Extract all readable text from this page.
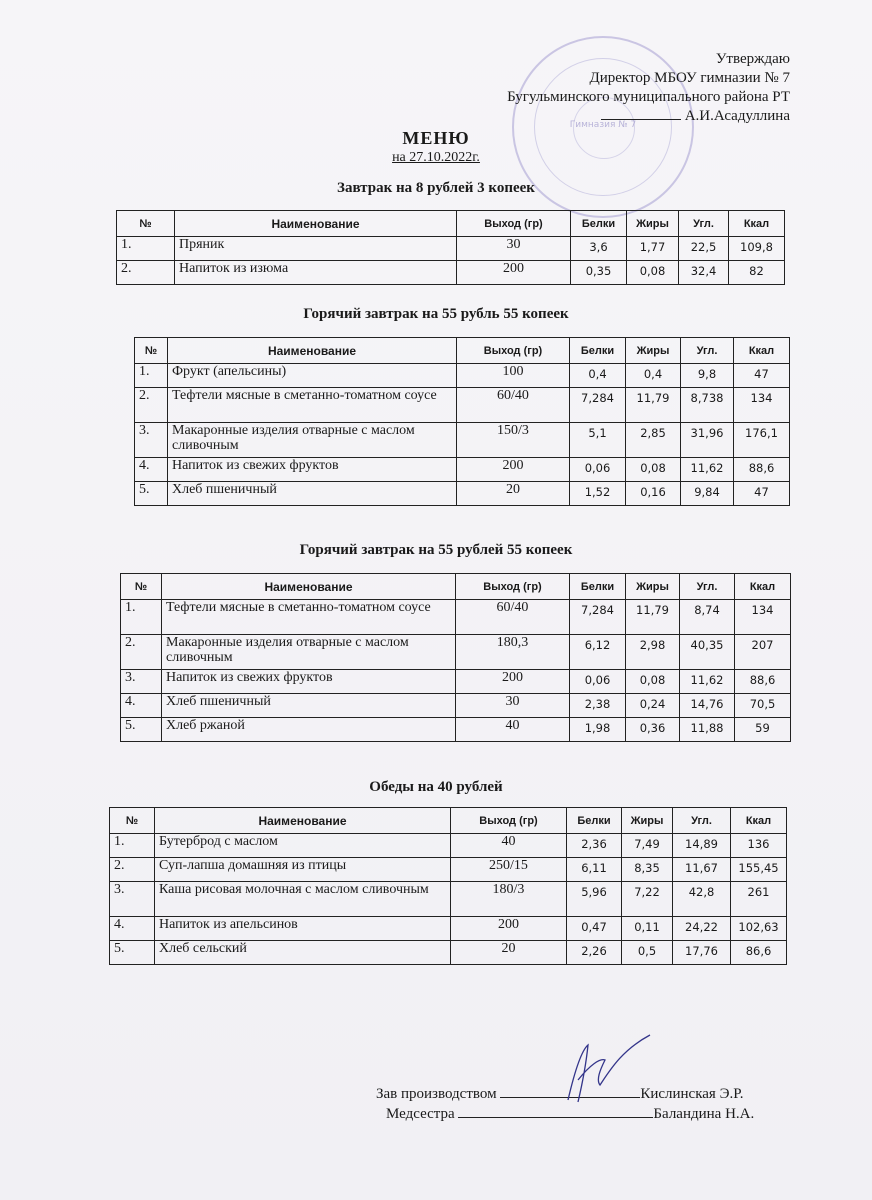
Гимназия № 7
Утверждаю
Директор МБОУ гимназии № 7
Бугульминского муниципального района РТ
А.И.Асадуллина
МЕНЮ
на 27.10.2022г.
Завтрак на 8 рублей 3 копеек
№	Наименование	Выход (гр)	Белки	Жиры	Угл.	Ккал
1.	Пряник	30	3,6	1,77	22,5	109,8
2.	Напиток из изюма	200	0,35	0,08	32,4	82
Горячий завтрак на 55 рубль 55 копеек
№	Наименование	Выход (гр)	Белки	Жиры	Угл.	Ккал
1.	Фрукт (апельсины)	100	0,4	0,4	9,8	47
2.	Тефтели мясные в сметанно-томатном соусе	60/40	7,284	11,79	8,738	134
3.	Макаронные изделия отварные с маслом сливочным	150/3	5,1	2,85	31,96	176,1
4.	Напиток из свежих фруктов	200	0,06	0,08	11,62	88,6
5.	Хлеб пшеничный	20	1,52	0,16	9,84	47
Горячий завтрак на 55 рублей 55 копеек
№	Наименование	Выход (гр)	Белки	Жиры	Угл.	Ккал
1.	Тефтели мясные в сметанно-томатном соусе	60/40	7,284	11,79	8,74	134
2.	Макаронные изделия отварные с маслом сливочным	180,3	6,12	2,98	40,35	207
3.	Напиток из свежих фруктов	200	0,06	0,08	11,62	88,6
4.	Хлеб пшеничный	30	2,38	0,24	14,76	70,5
5.	Хлеб ржаной	40	1,98	0,36	11,88	59
Обеды на 40 рублей
№	Наименование	Выход (гр)	Белки	Жиры	Угл.	Ккал
1.	Бутерброд с маслом	40	2,36	7,49	14,89	136
2.	Суп-лапша домашняя из птицы	250/15	6,11	8,35	11,67	155,45
3.	Каша рисовая молочная с маслом сливочным	180/3	5,96	7,22	42,8	261
4.	Напиток из апельсинов	200	0,47	0,11	24,22	102,63
5.	Хлеб сельский	20	2,26	0,5	17,76	86,6
Зав производством	Кислинская Э.Р.
Медсестра	Баландина Н.А.
